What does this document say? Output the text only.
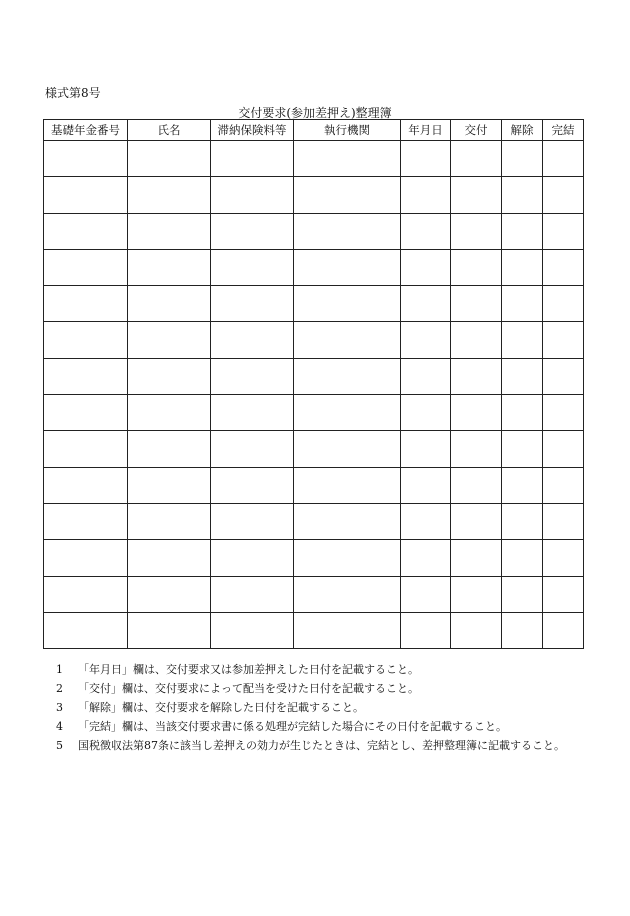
様式第8号
交付要求(参加差押え)整理簿
基礎年金番号	氏名	滞納保険料等	執行機関	年月日	交付	解除	完結

1 「年月日」欄は、交付要求又は参加差押えした日付を記載すること。
2 「交付」欄は、交付要求によって配当を受けた日付を記載すること。
3 「解除」欄は、交付要求を解除した日付を記載すること。
4 「完結」欄は、当該交付要求書に係る処理が完結した場合にその日付を記載すること。
5 国税徴収法第87条に該当し差押えの効力が生じたときは、完結とし、差押整理簿に記載すること。
